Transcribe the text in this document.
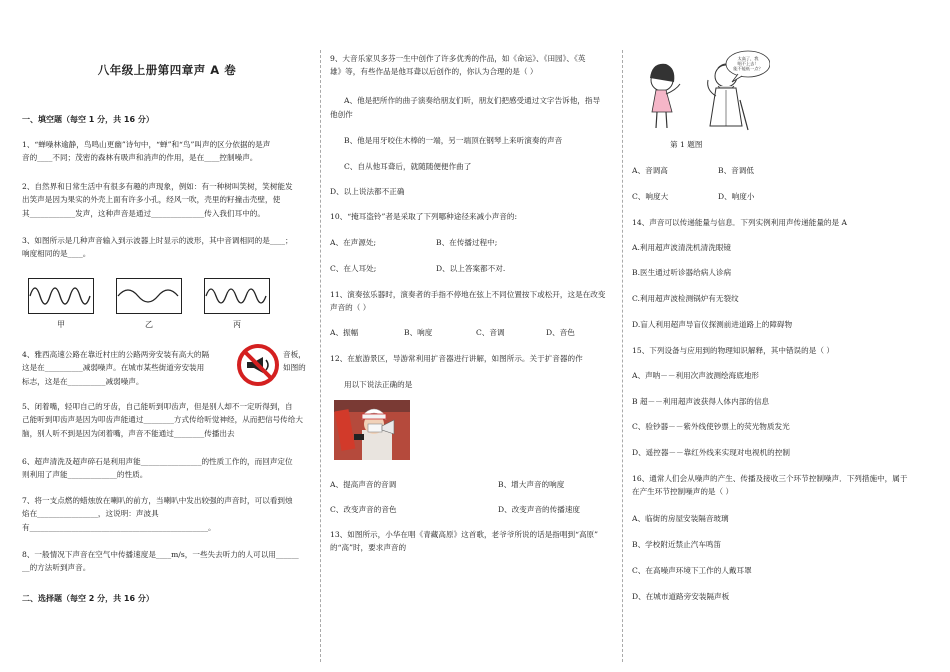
八年级上册第四章声 A 卷
一、填空题（每空 1 分，共 16 分）
1、“蝉噪林逾静，鸟鸣山更幽”诗句中，“蝉”和“鸟”叫声的区分依据的是声
音的____不同；茂密的森林有吸声和消声的作用，是在____控制噪声。
2、自然界和日常生活中有很多有趣的声现象，例如：有一种树叫笑树，笑树能发
出笑声是因为果实的外壳上面有许多小孔，经风一吹，壳里的籽撞击壳壁，使
其____________发声，这种声音是通过______________传入我们耳中的。
3、如图所示是几种声音输入到示波器上时显示的波形，其中音调相同的是____；
响度相同的是____。
甲	乙	丙
4、雅西高速公路在靠近村庄的公路两旁安装有高大的隔	音板，
这是在__________减弱噪声。在城市某些街道旁安装用	如图的
标志，这是在__________减弱噪声。
5、闭着嘴，轻叩自己的牙齿，自己能听到叩齿声，但是别人却不一定听得到，自
己能听到叩齿声是因为叩齿声能通过________方式传给听觉神经，从而把信号传给大
脑，别人听不到是因为闭着嘴，声音不能通过________传播出去
6、超声清洗及超声碎石是利用声能________________的性质工作的，而回声定位
则利用了声能_____________的性质。
7、将一支点燃的蜡烛放在喇叭的前方，当喇叭中发出较强的声音时，可以看到烛
焰在________________，这说明：声波具
有_______________________________________________。
8、一般情况下声音在空气中传播速度是____m/s，一些失去听力的人可以用______
__的方法听到声音。
二、选择题（每空 2 分，共 16 分）
9、大音乐家贝多芬一生中创作了许多优秀的作品，如《命运》、《田园》、《英
雄》等，有些作品是他耳聋以后创作的，你认为合理的是（ ）
A、他是把所作的曲子演奏给朋友们听，朋友们把感受通过文字告诉他，指导
他创作
B、他是用牙咬住木棒的一端，另一端顶在钢琴上来听演奏的声音
C、自从他耳聋后，就随随便便作曲了
D、以上说法都不正确
10、“掩耳盗铃”者是采取了下列哪种途径来减小声音的:
A、在声源处;	B、在传播过程中;
C、在人耳处;	D、以上答案都不对.
11、演奏弦乐器时，演奏者的手指不停地在弦上不同位置按下或松开，这是在改变
声音的（ ）
A、振幅	B、响度	C、音调	D、音色
12、在旅游景区，导游常利用扩音器进行讲解，如图所示。关于扩音器的作
用以下说法正确的是
A、提高声音的音调	B、增大声音的响度
C、改变声音的音色	D、改变声音的传播速度
13、如图所示，小华在唱《青藏高原》这首歌，老爷爷所说的话是指唱到“高原”
的“高”时，要求声音的
太高了，我
唱不上去！
能不能低一点？
第 1 题图
A、音调高	B、音调低
C、响度大	D、响度小
14、声音可以传递能量与信息．下列实例利用声传递能量的是 A
A.利用超声波清洗机清洗眼镜
B.医生通过听诊器给病人诊病
C.利用超声波检测锅炉有无裂纹
D.盲人利用超声导盲仪探测前进道路上的障碍物
15、下列设备与应用到的物理知识解释，其中错误的是（ ）
A、声呐－－利用次声波测绘海底地形
B 超－－利用超声波获得人体内部的信息
C、验钞器－－紫外线使钞票上的荧光物质发光
D、遥控器－－靠红外线来实现对电视机的控制
16、通常人们会从噪声的产生、传播及接收三个环节控制噪声．下列措施中，属于
在产生环节控制噪声的是（ ）
A、临街的房屋安装隔音玻璃
B、学校附近禁止汽车鸣笛
C、在高噪声环境下工作的人戴耳罩
D、在城市道路旁安装隔声板
